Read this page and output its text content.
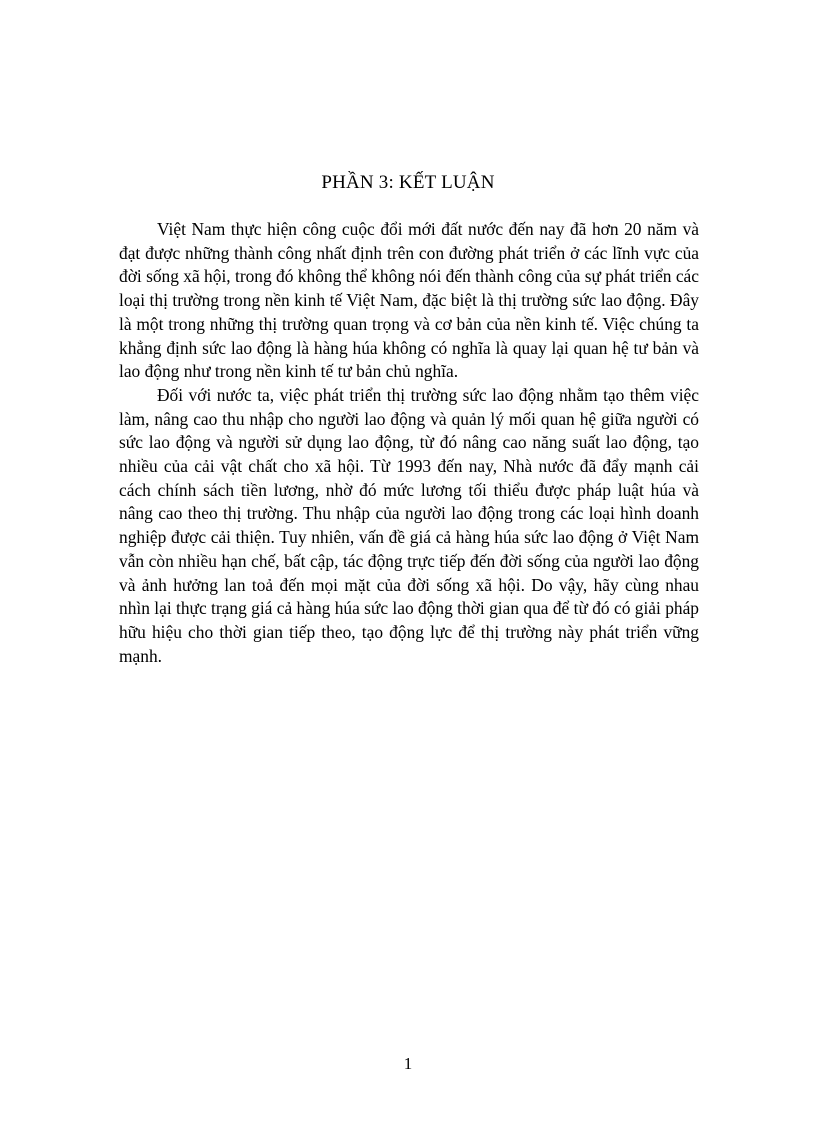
PHẦN 3: KẾT LUẬN

Việt Nam thực hiện công cuộc đổi mới đất nước đến nay đã hơn 20 năm và đạt được những thành công nhất định trên con đường phát triển ở các lĩnh vực của đời sống xã hội, trong đó không thể không nói đến thành công của sự phát triển các loại thị trường trong nền kinh tế Việt Nam, đặc biệt là thị trường sức lao động. Đây là một trong những thị trường quan trọng và cơ bản của nền kinh tế. Việc chúng ta khẳng định sức lao động là hàng húa không có nghĩa là quay lại quan hệ tư bản và lao động như trong nền kinh tế tư bản chủ nghĩa.

Đối với nước ta, việc phát triển thị trường sức lao động nhằm tạo thêm việc làm, nâng cao thu nhập cho người lao động và quản lý mối quan hệ giữa người có sức lao động và người sử dụng lao động, từ đó nâng cao năng suất lao động, tạo nhiều của cải vật chất cho xã hội. Từ 1993 đến nay, Nhà nước đã đẩy mạnh cải cách chính sách tiền lương, nhờ đó mức lương tối thiểu được pháp luật húa và nâng cao theo thị trường. Thu nhập của người lao động trong các loại hình doanh nghiệp được cải thiện. Tuy nhiên, vấn đề giá cả hàng húa sức lao động ở Việt Nam vẫn còn nhiều hạn chế, bất cập, tác động trực tiếp đến đời sống của người lao động và ảnh hưởng lan toả đến mọi mặt của đời sống xã hội. Do vậy, hãy cùng nhau nhìn lại thực trạng giá cả hàng húa sức lao động thời gian qua để từ đó có giải pháp hữu hiệu cho thời gian tiếp theo, tạo động lực để thị trường này phát triển vững mạnh.

1
